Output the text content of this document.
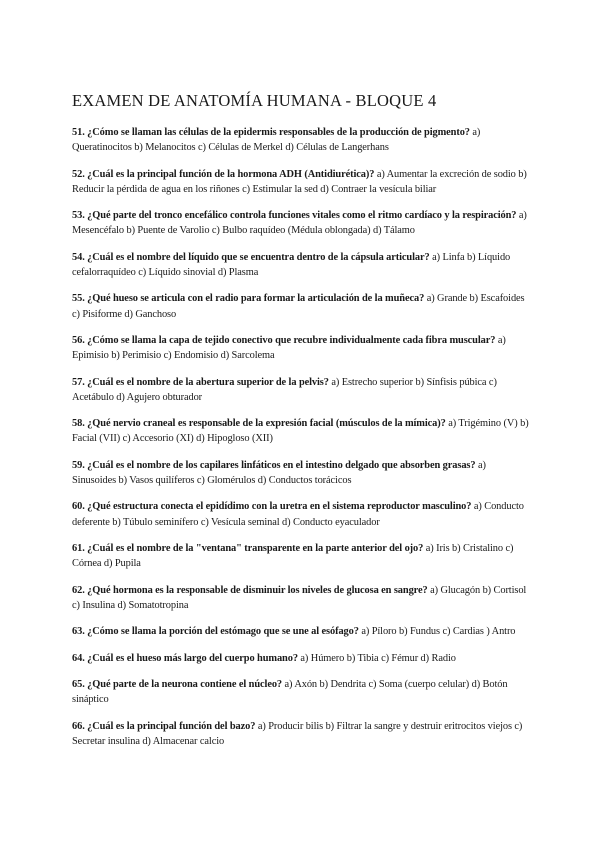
EXAMEN DE ANATOMÍA HUMANA - BLOQUE 4

51. ¿Cómo se llaman las células de la epidermis responsables de la producción de pigmento? a) Queratinocitos b) Melanocitos c) Células de Merkel d) Células de Langerhans

52. ¿Cuál es la principal función de la hormona ADH (Antidiurética)? a) Aumentar la excreción de sodio b) Reducir la pérdida de agua en los riñones c) Estimular la sed d) Contraer la vesícula biliar

53. ¿Qué parte del tronco encefálico controla funciones vitales como el ritmo cardíaco y la respiración? a) Mesencéfalo b) Puente de Varolio c) Bulbo raquídeo (Médula oblongada) d) Tálamo

54. ¿Cuál es el nombre del líquido que se encuentra dentro de la cápsula articular? a) Linfa b) Líquido cefalorraquídeo c) Líquido sinovial d) Plasma

55. ¿Qué hueso se articula con el radio para formar la articulación de la muñeca? a) Grande b) Escafoides c) Pisiforme d) Ganchoso

56. ¿Cómo se llama la capa de tejido conectivo que recubre individualmente cada fibra muscular? a) Epimisio b) Perimisio c) Endomisio d) Sarcolema

57. ¿Cuál es el nombre de la abertura superior de la pelvis? a) Estrecho superior b) Sínfisis púbica c) Acetábulo d) Agujero obturador

58. ¿Qué nervio craneal es responsable de la expresión facial (músculos de la mímica)? a) Trigémino (V) b) Facial (VII) c) Accesorio (XI) d) Hipogloso (XII)

59. ¿Cuál es el nombre de los capilares linfáticos en el intestino delgado que absorben grasas? a) Sinusoides b) Vasos quilíferos c) Glomérulos d) Conductos torácicos

60. ¿Qué estructura conecta el epidídimo con la uretra en el sistema reproductor masculino? a) Conducto deferente b) Túbulo seminífero c) Vesícula seminal d) Conducto eyaculador

61. ¿Cuál es el nombre de la "ventana" transparente en la parte anterior del ojo? a) Iris b) Cristalino c) Córnea d) Pupila

62. ¿Qué hormona es la responsable de disminuir los niveles de glucosa en sangre? a) Glucagón b) Cortisol c) Insulina d) Somatotropina

63. ¿Cómo se llama la porción del estómago que se une al esófago? a) Píloro b) Fundus c) Cardias ) Antro

64. ¿Cuál es el hueso más largo del cuerpo humano? a) Húmero b) Tibia c) Fémur d) Radio

65. ¿Qué parte de la neurona contiene el núcleo? a) Axón b) Dendrita c) Soma (cuerpo celular) d) Botón sináptico

66. ¿Cuál es la principal función del bazo? a) Producir bilis b) Filtrar la sangre y destruir eritrocitos viejos c) Secretar insulina d) Almacenar calcio
